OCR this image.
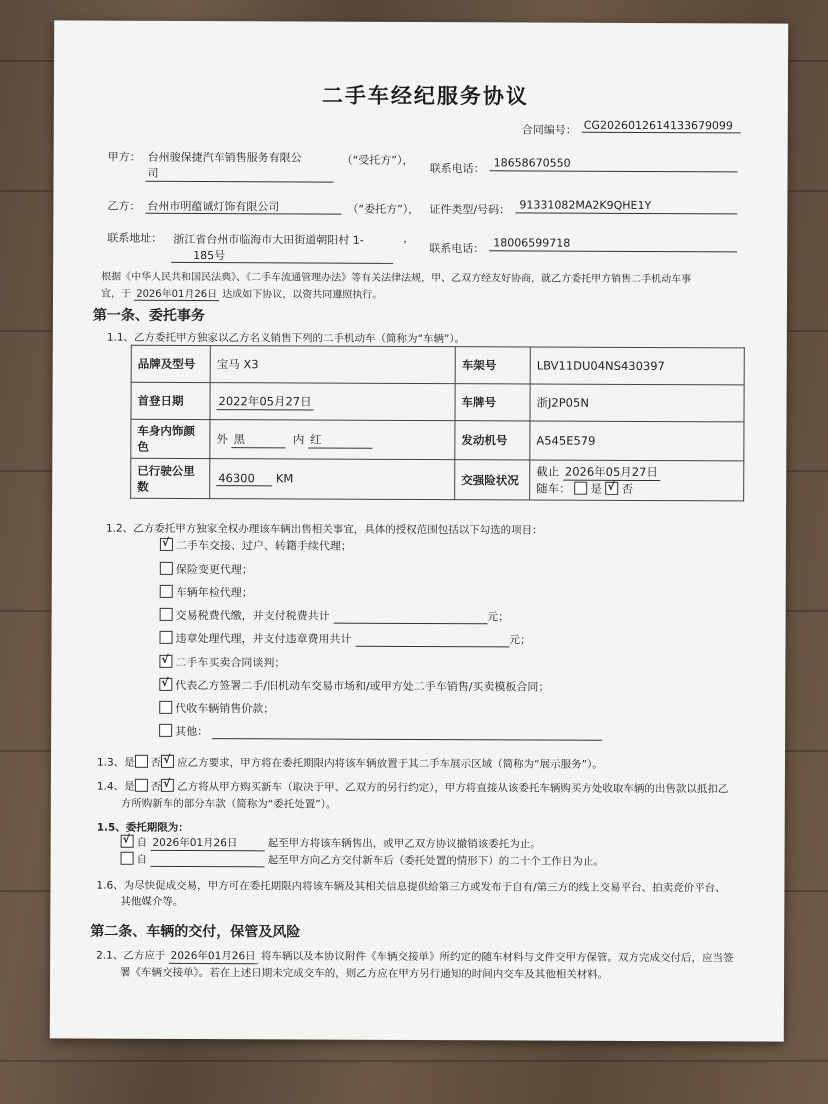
二手车经纪服务协议
合同编号： CG2026012614133679099
甲方： 台州骏保捷汽车销售服务有限公
司
（“受托方”），
联系电话： 18658670550
乙方： 台州市明蕴诚灯饰有限公司	（“委托方”）， 证件类型/号码： 91331082MA2K9QHE1Y
联系地址： 浙江省台州市临海市大田街道朝阳村 1-
185号
，
联系电话： 18006599718
根据《中华人民共和国民法典》、《二手车流通管理办法》等有关法律法规，甲、乙双方经友好协商，就乙方委托甲方销售二手机动车事
宜，于 2026年01月26日 达成如下协议，以资共同遵照执行。
第一条、委托事务
1.1、乙方委托甲方独家以乙方名义销售下列的二手机动车（简称为“车辆”）。
品牌及型号	宝马 X3	车架号	LBV11DU04NS430397
首登日期	2022年05月27日	车牌号	浙J2P05N
车身内饰颜
色	外 黑 内 红	发动机号	A545E579
已行驶公里
数	46300 KM	交强险状况	截止 2026年05月27日
随车： 是 √ 否
1.2、乙方委托甲方独家全权办理该车辆出售相关事宜，具体的授权范围包括以下勾选的项目：
√二手车交接、过户、转籍手续代理；
保险变更代理；
车辆年检代理；
交易税费代缴，并支付税费共计	元；
违章处理代理，并支付违章费用共计	元；
√二手车买卖合同谈判；
√代表乙方签署二手/旧机动车交易市场和/或甲方处二手车销售/买卖模板合同；
代收车辆销售价款；
其他：
1.3、是 否 √ 应乙方要求，甲方将在委托期限内将该车辆放置于其二手车展示区域（简称为“展示服务”）。
1.4、是 否 √ 乙方将从甲方购买新车（取决于甲、乙双方的另行约定），甲方将直接从该委托车辆购买方处收取车辆的出售款以抵扣乙
方所购新车的部分车款（简称为“委托处置”）。
1.5、委托期限为：
√自 2026年01月26日	起至甲方将该车辆售出，或甲乙双方协议撤销该委托为止。
自	起至甲方向乙方交付新车后（委托处置的情形下）的二十个工作日为止。
1.6、为尽快促成交易，甲方可在委托期限内将该车辆及其相关信息提供给第三方或发布于自有/第三方的线上交易平台、拍卖竞价平台、
其他媒介等。
第二条、车辆的交付，保管及风险
2.1、乙方应于 2026年01月26日 将车辆以及本协议附件《车辆交接单》所约定的随车材料与文件交甲方保管。双方完成交付后，应当签
署《车辆交接单》。若在上述日期未完成交车的，则乙方应在甲方另行通知的时间内交车及其他相关材料。
